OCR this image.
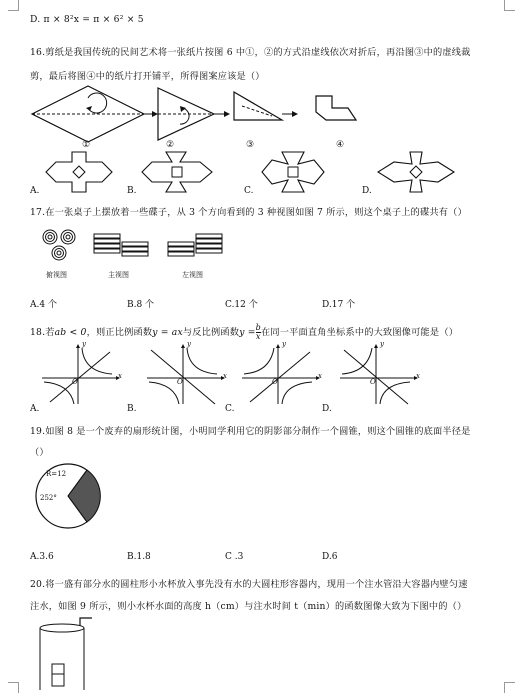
D. π × 8²x = π × 6² × 5
16.剪纸是我国传统的民间艺术将一张纸片按图 6 中①，②的方式沿虚线依次对折后，再沿图③中的虚线裁
剪，最后将图④中的纸片打开铺平，所得图案应该是（）
①	②	③	④
A.	B.	C.	D.
17.在一张桌子上摆放着一些碟子，从 3 个方向看到的 3 种视图如图 7 所示，则这个桌子上的碟共有（）
俯视图	主视图	左视图
A.4 个	B.8 个	C.12 个	D.17 个
18.若ab < 0，则正比例函数y = ax与反比例函数$y = \frac{b}{x}$ 在同一平面直角坐标系中的大致图像可能是（）
y
x
O
y
x
O
y
x
O
y
x
O
A.	B.	C.	D.
19.如图 8 是一个废弃的扇形统计图，小明同学利用它的阴影部分制作一个圆锥，则这个圆锥的底面半径是
（）
R=12
252°
A.3.6	B.1.8	C .3	D.6
20.将一盛有部分水的圆柱形小水杯放入事先没有水的大圆柱形容器内，现用一个注水管沿大容器内壁匀速
注水，如图 9 所示，则小水杯水面的高度 h（cm）与注水时间 t（min）的函数图像大致为下图中的（）
